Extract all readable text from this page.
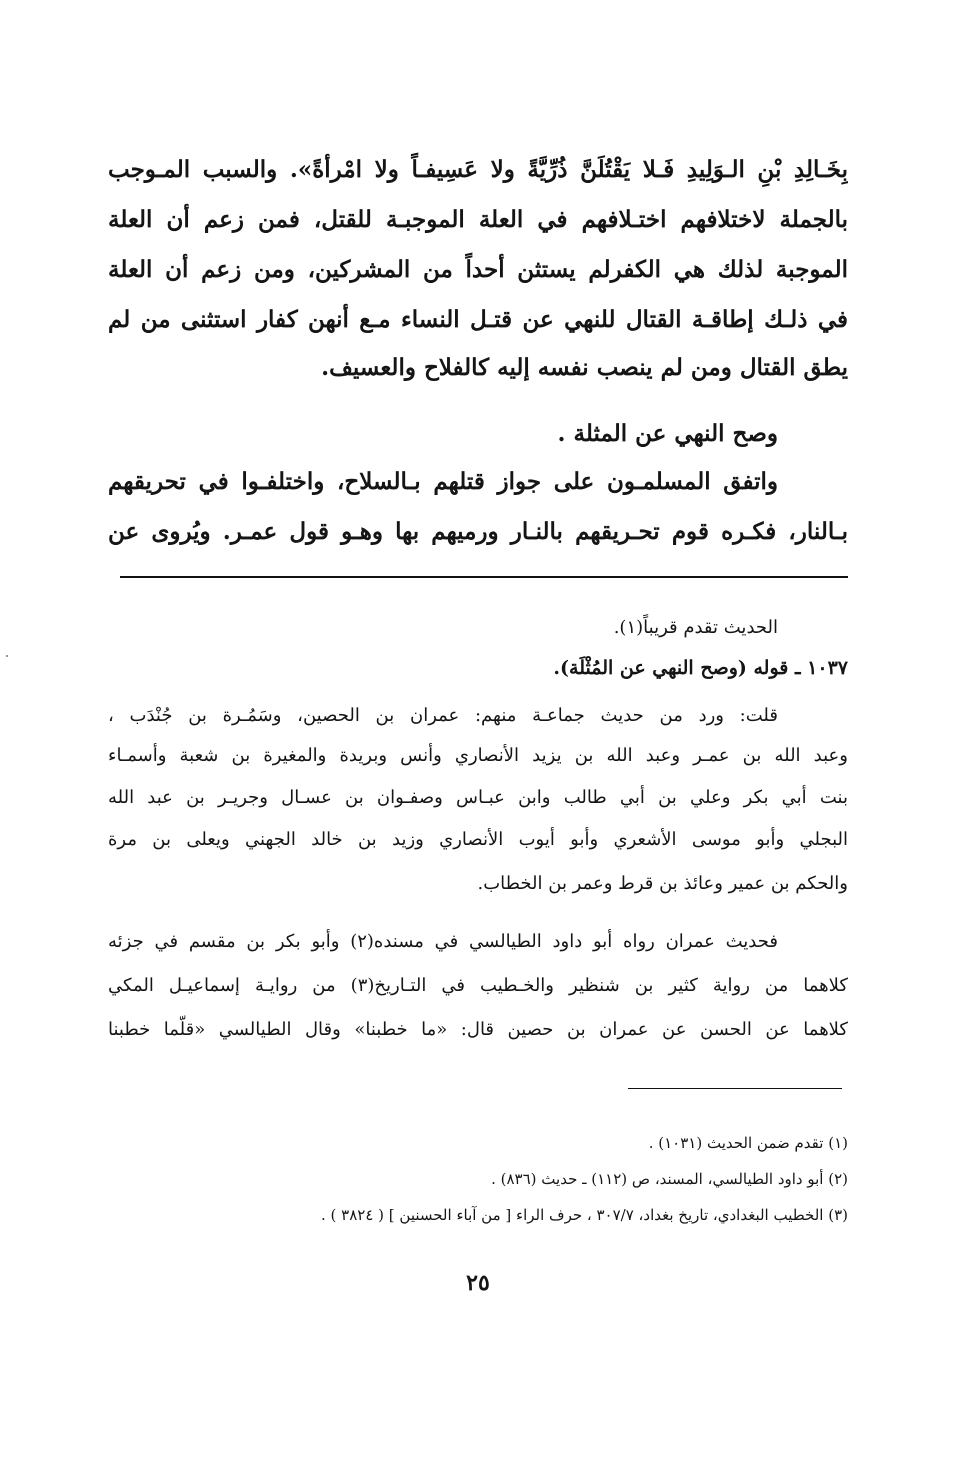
بِخَـالِدِ بْنِ الـوَلِيدِ فَـلا يَقْتُلَنَّ ذُرِّيَّةً ولا عَسِيفـاً ولا امْرأةً». والسبب المـوجب
بالجملة لاختلافهم اختـلافهم في العلة الموجبـة للقتل، فمن زعم أن العلة
الموجبة لذلك هي الكفرلم يستثن أحداً من المشركين، ومن زعم أن العلة
في ذلـك إطاقـة القتال للنهي عن قتـل النساء مـع أنهن كفار استثنى من لم
يطق القتال ومن لم ينصب نفسه إليه كالفلاح والعسيف.
وصح النهي عن المثلة .
واتفق المسلمـون على جواز قتلهم بـالسلاح، واختلفـوا في تحريقهم
بـالنار، فكـره قوم تحـريقهم بالنـار ورميهم بها وهـو قول عمـر. ويُروى عن
الحديث تقدم قريباً(١).
١٠٣٧ ـ قوله (وصح النهي عن المُثْلَة).
قلت: ورد من حديث جماعـة منهم: عمران بن الحصين، وسَمُـرة بن جُنْدَب ،
وعبد الله بن عمـر وعبد الله بن يزيد الأنصاري وأنس وبريدة والمغيرة بن شعبة وأسمـاء
بنت أبي بكر وعلي بن أبي طالب وابن عبـاس وصفـوان بن عسـال وجريـر بن عبد الله
البجلي وأبو موسى الأشعري وأبو أيوب الأنصاري وزيد بن خالد الجهني ويعلى بن مرة
والحكم بن عمير وعائذ بن قرط وعمر بن الخطاب.
فحديث عمران رواه أبو داود الطيالسي في مسنده(٢) وأبو بكر بن مقسم في جزئه
كلاهما من رواية كثير بن شنظير والخـطيب في التـاريخ(٣) من روايـة إسماعيـل المكي
كلاهما عن الحسن عن عمران بن حصين قال: «ما خطبنا» وقال الطيالسي «قلّما خطبنا
(١) تقدم ضمن الحديث (١٠٣١) .
(٢) أبو داود الطيالسي، المسند، ص (١١٢) ـ حديث (٨٣٦) .
(٣) الخطيب البغدادي، تاريخ بغداد، ٣٠٧/٧ ، حرف الراء [ من آباء الحسنين ] ( ٣٨٢٤ ) .
٢٥
